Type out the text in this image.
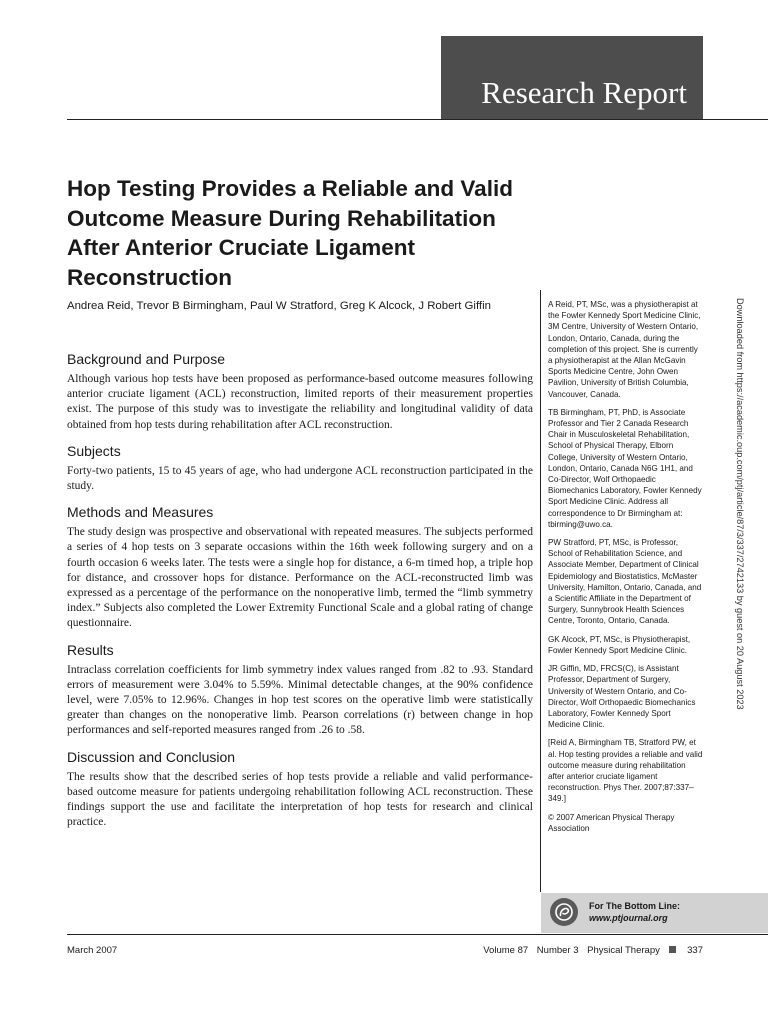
Research Report
Hop Testing Provides a Reliable and Valid Outcome Measure During Rehabilitation After Anterior Cruciate Ligament Reconstruction

Andrea Reid, Trevor B Birmingham, Paul W Stratford, Greg K Alcock, J Robert Giffin

Background and Purpose

Although various hop tests have been proposed as performance-based outcome measures following anterior cruciate ligament (ACL) reconstruction, limited reports of their measurement properties exist. The purpose of this study was to investigate the reliability and longitudinal validity of data obtained from hop tests during rehabilitation after ACL reconstruction.

Subjects

Forty-two patients, 15 to 45 years of age, who had undergone ACL reconstruction participated in the study.

Methods and Measures

The study design was prospective and observational with repeated measures. The subjects performed a series of 4 hop tests on 3 separate occasions within the 16th week following surgery and on a fourth occasion 6 weeks later. The tests were a single hop for distance, a 6-m timed hop, a triple hop for distance, and crossover hops for distance. Performance on the ACL-reconstructed limb was expressed as a percentage of the performance on the nonoperative limb, termed the “limb symmetry index.” Subjects also completed the Lower Extremity Functional Scale and a global rating of change questionnaire.

Results

Intraclass correlation coefficients for limb symmetry index values ranged from .82 to .93. Standard errors of measurement were 3.04% to 5.59%. Minimal detectable changes, at the 90% confidence level, were 7.05% to 12.96%. Changes in hop test scores on the operative limb were statistically greater than changes on the nonoperative limb. Pearson correlations (r) between change in hop performances and self-reported measures ranged from .26 to .58.

Discussion and Conclusion

The results show that the described series of hop tests provide a reliable and valid performance-based outcome measure for patients undergoing rehabilitation following ACL reconstruction. These findings support the use and facilitate the interpretation of hop tests for research and clinical practice.

A Reid, PT, MSc, was a physiotherapist at the Fowler Kennedy Sport Medicine Clinic, 3M Centre, University of Western Ontario, London, Ontario, Canada, during the completion of this project. She is currently a physiotherapist at the Allan McGavin Sports Medicine Centre, John Owen Pavilion, University of British Columbia, Vancouver, Canada.

TB Birmingham, PT, PhD, is Associate Professor and Tier 2 Canada Research Chair in Musculoskeletal Rehabilitation, School of Physical Therapy, Elborn College, University of Western Ontario, London, Ontario, Canada N6G 1H1, and Co-Director, Wolf Orthopaedic Biomechanics Laboratory, Fowler Kennedy Sport Medicine Clinic. Address all correspondence to Dr Birmingham at: tbirming@uwo.ca.

PW Stratford, PT, MSc, is Professor, School of Rehabilitation Science, and Associate Member, Department of Clinical Epidemiology and Biostatistics, McMaster University, Hamilton, Ontario, Canada, and a Scientific Affiliate in the Department of Surgery, Sunnybrook Health Sciences Centre, Toronto, Ontario, Canada.

GK Alcock, PT, MSc, is Physiotherapist, Fowler Kennedy Sport Medicine Clinic.

JR Giffin, MD, FRCS(C), is Assistant Professor, Department of Surgery, University of Western Ontario, and Co-Director, Wolf Orthopaedic Biomechanics Laboratory, Fowler Kennedy Sport Medicine Clinic.

[Reid A, Birmingham TB, Stratford PW, et al. Hop testing provides a reliable and valid outcome measure during rehabilitation after anterior cruciate ligament reconstruction. Phys Ther. 2007;87:337–349.]

© 2007 American Physical Therapy Association

Downloaded from https://academic.oup.com/ptj/article/87/3/337/2742133 by guest on 20 August 2023
For The Bottom Line:
www.ptjournal.org
March 2007	Volume 87 Number 3 Physical Therapy	337
